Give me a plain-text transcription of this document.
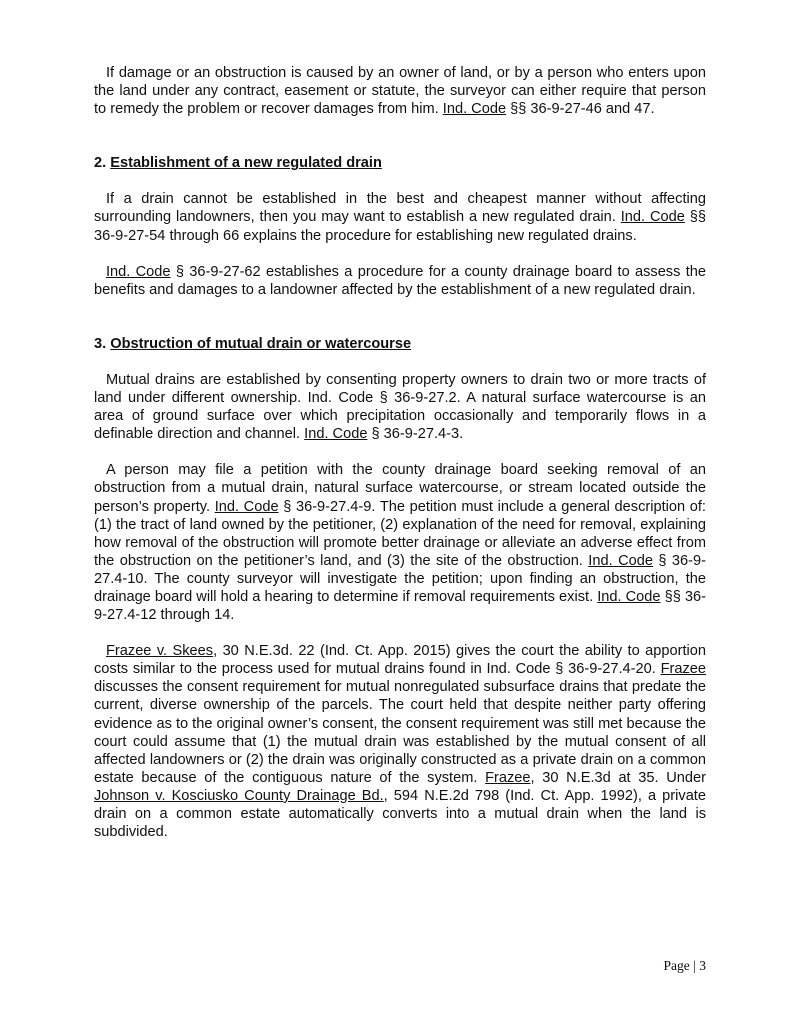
If damage or an obstruction is caused by an owner of land, or by a person who enters upon the land under any contract, easement or statute, the surveyor can either require that person to remedy the problem or recover damages from him. Ind. Code §§ 36-9-27-46 and 47.

2. Establishment of a new regulated drain

If a drain cannot be established in the best and cheapest manner without affecting surrounding landowners, then you may want to establish a new regulated drain. Ind. Code §§ 36-9-27-54 through 66 explains the procedure for establishing new regulated drains.

Ind. Code § 36-9-27-62 establishes a procedure for a county drainage board to assess the benefits and damages to a landowner affected by the establishment of a new regulated drain.

3. Obstruction of mutual drain or watercourse

Mutual drains are established by consenting property owners to drain two or more tracts of land under different ownership. Ind. Code § 36-9-27.2. A natural surface watercourse is an area of ground surface over which precipitation occasionally and temporarily flows in a definable direction and channel. Ind. Code § 36-9-27.4-3.

A person may file a petition with the county drainage board seeking removal of an obstruction from a mutual drain, natural surface watercourse, or stream located outside the person’s property. Ind. Code § 36-9-27.4-9. The petition must include a general description of: (1) the tract of land owned by the petitioner, (2) explanation of the need for removal, explaining how removal of the obstruction will promote better drainage or alleviate an adverse effect from the obstruction on the petitioner’s land, and (3) the site of the obstruction. Ind. Code § 36-9-27.4-10. The county surveyor will investigate the petition; upon finding an obstruction, the drainage board will hold a hearing to determine if removal requirements exist. Ind. Code §§ 36-9-27.4-12 through 14.

Frazee v. Skees, 30 N.E.3d. 22 (Ind. Ct. App. 2015) gives the court the ability to apportion costs similar to the process used for mutual drains found in Ind. Code § 36-9-27.4-20. Frazee discusses the consent requirement for mutual nonregulated subsurface drains that predate the current, diverse ownership of the parcels. The court held that despite neither party offering evidence as to the original owner’s consent, the consent requirement was still met because the court could assume that (1) the mutual drain was established by the mutual consent of all affected landowners or (2) the drain was originally constructed as a private drain on a common estate because of the contiguous nature of the system. Frazee, 30 N.E.3d at 35. Under Johnson v. Kosciusko County Drainage Bd., 594 N.E.2d 798 (Ind. Ct. App. 1992), a private drain on a common estate automatically converts into a mutual drain when the land is subdivided.

Page | 3
